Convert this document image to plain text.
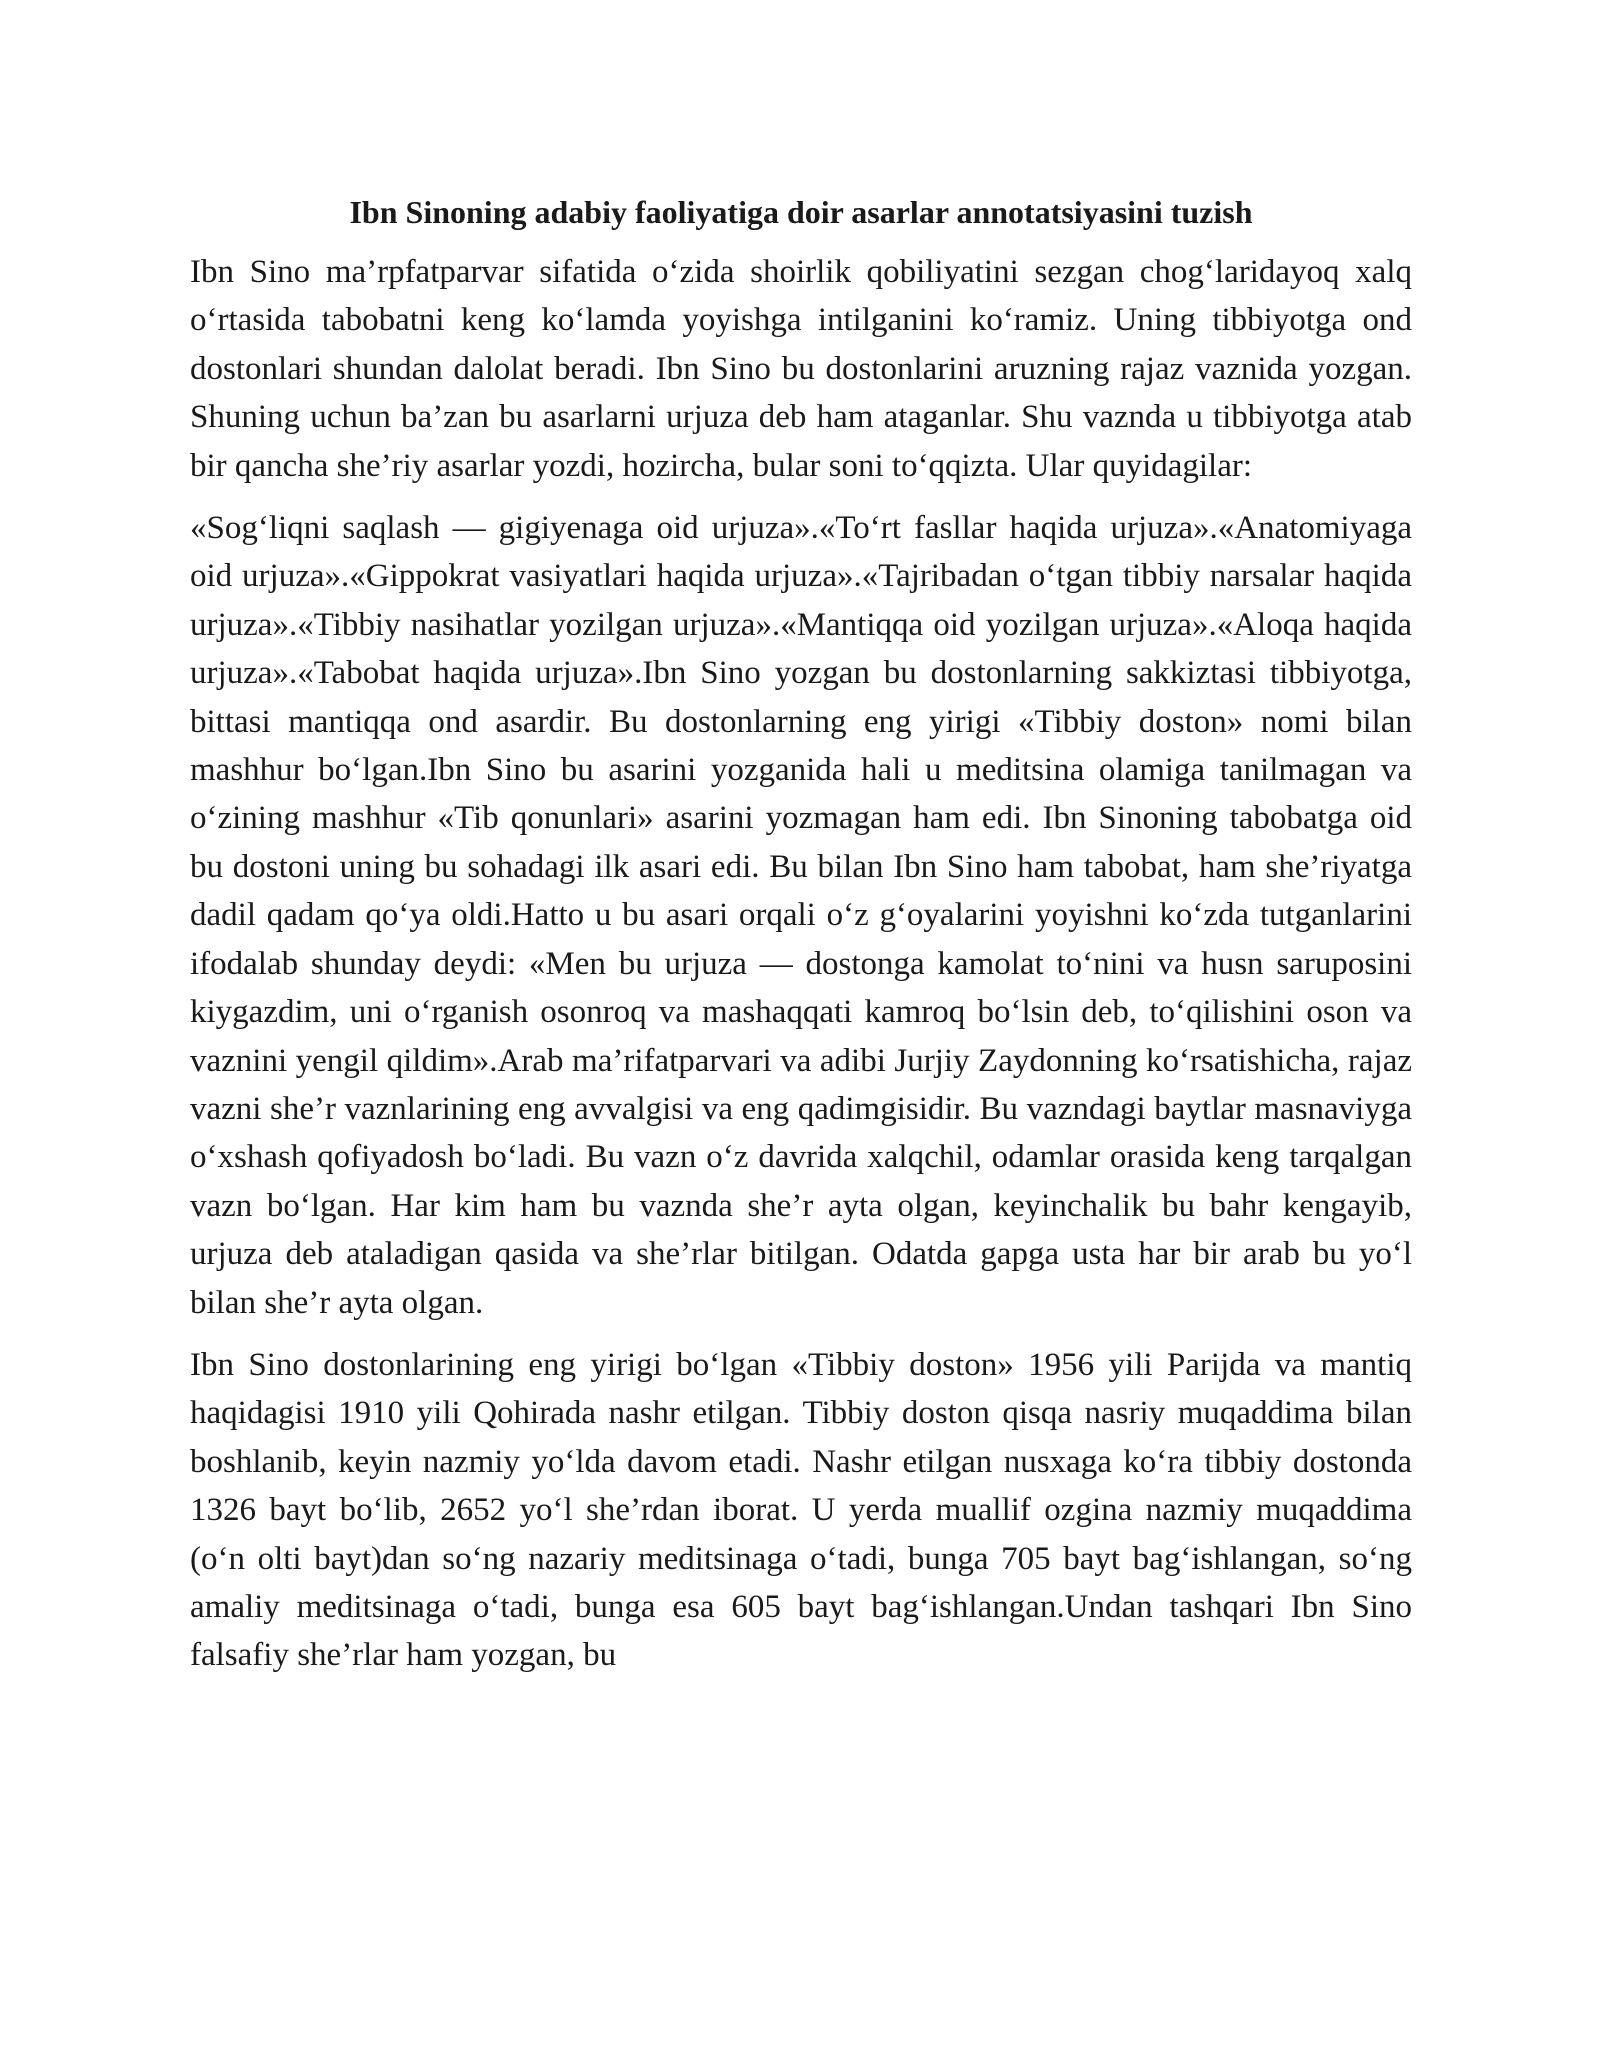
Ibn Sinoning adabiy faoliyatiga doir asarlar annotatsiyasini tuzish
Ibn Sino ma’rpfatparvar sifatida o‘zida shoirlik qobiliyatini sezgan chog‘laridayoq xalq o‘rtasida tabobatni keng ko‘lamda yoyishga intilganini ko‘ramiz. Uning tibbiyotga ond dostonlari shundan dalolat beradi. Ibn Sino bu dostonlarini aruzning rajaz vaznida yozgan. Shuning uchun ba’zan bu asarlarni urjuza deb ham ataganlar. Shu vaznda u tibbiyotga atab bir qancha she’riy asarlar yozdi, hozircha, bular soni to‘qqizta. Ular quyidagilar:
«Sog‘liqni saqlash — gigiyenaga oid urjuza».«To‘rt fasllar haqida urjuza».«Anatomiyaga oid urjuza».«Gippokrat vasiyatlari haqida urjuza».«Tajribadan o‘tgan tibbiy narsalar haqida urjuza».«Tibbiy nasihatlar yozilgan urjuza».«Mantiqqa oid yozilgan urjuza».«Aloqa haqida urjuza».«Tabobat haqida urjuza».Ibn Sino yozgan bu dostonlarning sakkiztasi tibbiyotga, bittasi mantiqqa ond asardir. Bu dostonlarning eng yirigi «Tibbiy doston» nomi bilan mashhur bo‘lgan.Ibn Sino bu asarini yozganida hali u meditsina olamiga tanilmagan va o‘zining mashhur «Tib qonunlari» asarini yozmagan ham edi. Ibn Sinoning tabobatga oid bu dostoni uning bu sohadagi ilk asari edi. Bu bilan Ibn Sino ham tabobat, ham she’riyatga dadil qadam qo‘ya oldi.Hatto u bu asari orqali o‘z g‘oyalarini yoyishni ko‘zda tutganlarini ifodalab shunday deydi: «Men bu urjuza — dostonga kamolat to‘nini va husn saruposini kiygazdim, uni o‘rganish osonroq va mashaqqati kamroq bo‘lsin deb, to‘qilishini oson va vaznini yengil qildim».Arab ma’rifatparvari va adibi Jurjiy Zaydonning ko‘rsatishicha, rajaz vazni she’r vaznlarining eng avvalgisi va eng qadimgisidir. Bu vazndagi baytlar masnaviyga o‘xshash qofiyadosh bo‘ladi. Bu vazn o‘z davrida xalqchil, odamlar orasida keng tarqalgan vazn bo‘lgan. Har kim ham bu vaznda she’r ayta olgan, keyinchalik bu bahr kengayib, urjuza deb ataladigan qasida va she’rlar bitilgan. Odatda gapga usta har bir arab bu yo‘l bilan she’r ayta olgan.
Ibn Sino dostonlarining eng yirigi bo‘lgan «Tibbiy doston» 1956 yili Parijda va mantiq haqidagisi 1910 yili Qohirada nashr etilgan. Tibbiy doston qisqa nasriy muqaddima bilan boshlanib, keyin nazmiy yo‘lda davom etadi. Nashr etilgan nusxaga ko‘ra tibbiy dostonda 1326 bayt bo‘lib, 2652 yo‘l she’rdan iborat. U yerda muallif ozgina nazmiy muqaddima (o‘n olti bayt)dan so‘ng nazariy meditsinaga o‘tadi, bunga 705 bayt bag‘ishlangan, so‘ng amaliy meditsinaga o‘tadi, bunga esa 605 bayt bag‘ishlangan.Undan tashqari Ibn Sino falsafiy she’rlar ham yozgan, bu
